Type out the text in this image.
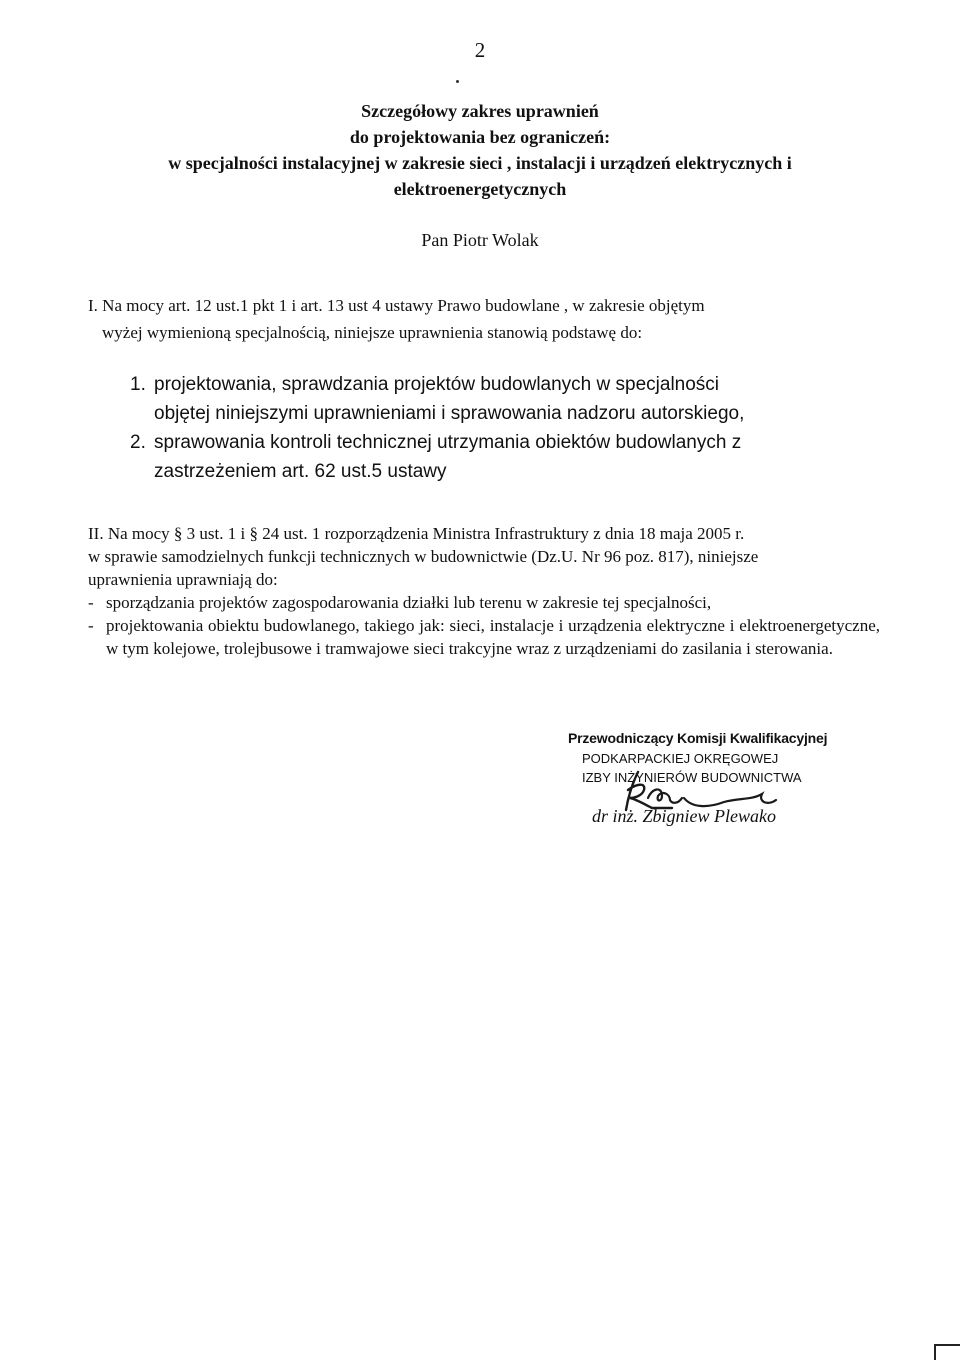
2
Szczegółowy zakres uprawnień
do projektowania bez ograniczeń:
w specjalności instalacyjnej w zakresie sieci , instalacji i urządzeń elektrycznych i
elektroenergetycznych
Pan Piotr Wolak
I. Na mocy art. 12 ust.1 pkt 1 i art. 13 ust 4 ustawy Prawo budowlane , w zakresie objętym
wyżej wymienioną specjalnością, niniejsze uprawnienia stanowią podstawę do:
1. projektowania, sprawdzania projektów budowlanych w specjalności
objętej niniejszymi uprawnieniami i sprawowania nadzoru autorskiego,
2. sprawowania kontroli technicznej utrzymania obiektów budowlanych z
zastrzeżeniem art. 62 ust.5 ustawy
II. Na mocy § 3 ust. 1 i § 24 ust. 1 rozporządzenia Ministra Infrastruktury z dnia 18 maja 2005 r.
w sprawie samodzielnych funkcji technicznych w budownictwie (Dz.U. Nr 96 poz. 817), niniejsze
uprawnienia uprawniają do:
- sporządzania projektów zagospodarowania działki lub terenu w zakresie tej specjalności,
- projektowania obiektu budowlanego, takiego jak: sieci, instalacje i urządzenia elektryczne i elektroenergetyczne, w tym kolejowe, trolejbusowe i tramwajowe sieci trakcyjne wraz z urządzeniami do zasilania i sterowania.
Przewodniczący Komisji Kwalifikacyjnej
PODKARPACKIEJ OKRĘGOWEJ
IZBY INŻYNIERÓW BUDOWNICTWA
dr inż. Zbigniew Plewako
